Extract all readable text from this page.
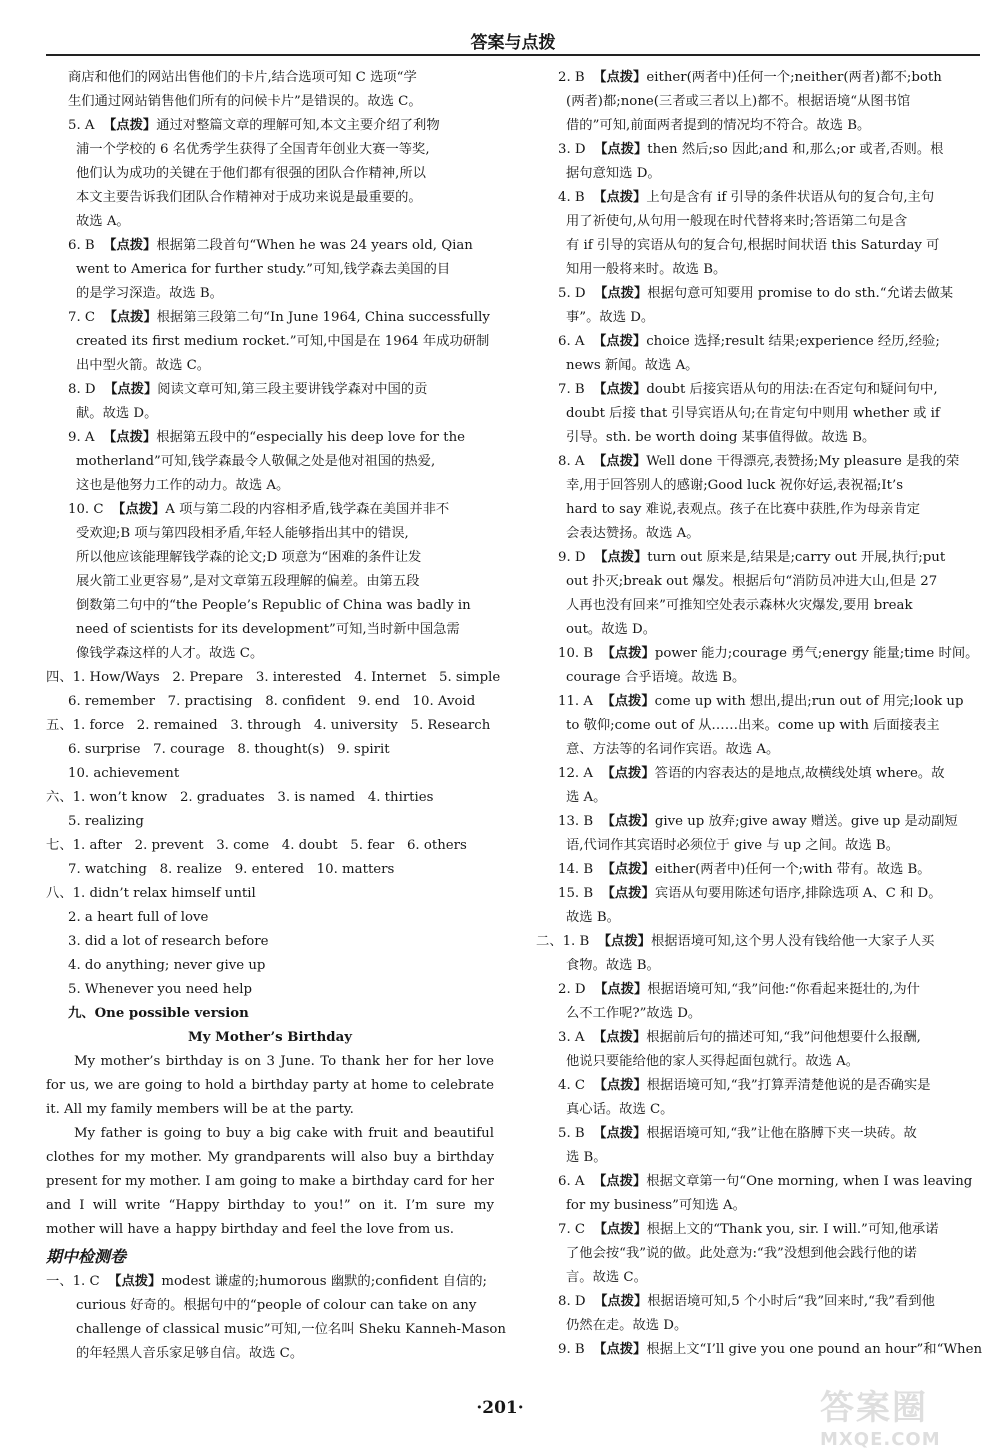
答案与点拨
商店和他们的网站出售他们的卡片,结合选项可知 C 选项“学
生们通过网站销售他们所有的问候卡片”是错误的。故选 C。
5. A 【点拨】通过对整篇文章的理解可知,本文主要介绍了利物
浦一个学校的 6 名优秀学生获得了全国青年创业大赛一等奖,
他们认为成功的关键在于他们都有很强的团队合作精神,所以
本文主要告诉我们团队合作精神对于成功来说是最重要的。
故选 A。
6. B 【点拨】根据第二段首句“When he was 24 years old, Qian
went to America for further study.”可知,钱学森去美国的目
的是学习深造。故选 B。
7. C 【点拨】根据第三段第二句“In June 1964, China successfully
created its first medium rocket.”可知,中国是在 1964 年成功研制
出中型火箭。故选 C。
8. D 【点拨】阅读文章可知,第三段主要讲钱学森对中国的贡
献。故选 D。
9. A 【点拨】根据第五段中的“especially his deep love for the
motherland”可知,钱学森最令人敬佩之处是他对祖国的热爱,
这也是他努力工作的动力。故选 A。
10. C 【点拨】A 项与第二段的内容相矛盾,钱学森在美国并非不
受欢迎;B 项与第四段相矛盾,年轻人能够指出其中的错误,
所以他应该能理解钱学森的论文;D 项意为“困难的条件让发
展火箭工业更容易”,是对文章第五段理解的偏差。由第五段
倒数第二句中的“the People’s Republic of China was badly in
need of scientists for its development”可知,当时新中国急需
像钱学森这样的人才。故选 C。
四、1. How/Ways   2. Prepare   3. interested   4. Internet   5. simple
6. remember   7. practising   8. confident   9. end   10. Avoid
五、1. force   2. remained   3. through   4. university   5. Research
6. surprise   7. courage   8. thought(s)   9. spirit
10. achievement
六、1. won’t know   2. graduates   3. is named   4. thirties
5. realizing
七、1. after   2. prevent   3. come   4. doubt   5. fear   6. others
7. watching   8. realize   9. entered   10. matters
八、1. didn’t relax himself until
2. a heart full of love
3. did a lot of research before
4. do anything; never give up
5. Whenever you need help
九、One possible version
My Mother’s Birthday

My mother’s birthday is on 3 June. To thank her for her love for us, we are going to hold a birthday party at home to celebrate it. All my family members will be at the party.

My father is going to buy a big cake with fruit and beautiful clothes for my mother. My grandparents will also buy a birthday present for my mother. I am going to make a birthday card for her and I will write “Happy birthday to you!” on it. I’m sure my mother will have a happy birthday and feel the love from us.

期中检测卷
一、1. C 【点拨】modest 谦虚的;humorous 幽默的;confident 自信的;
curious 好奇的。根据句中的“people of colour can take on any
challenge of classical music”可知,一位名叫 Sheku Kanneh-Mason
的年轻黑人音乐家足够自信。故选 C。
2. B 【点拨】either(两者中)任何一个;neither(两者)都不;both
(两者)都;none(三者或三者以上)都不。根据语境“从图书馆
借的”可知,前面两者提到的情况均不符合。故选 B。
3. D 【点拨】then 然后;so 因此;and 和,那么;or 或者,否则。根
据句意知选 D。
4. B 【点拨】上句是含有 if 引导的条件状语从句的复合句,主句
用了祈使句,从句用一般现在时代替将来时;答语第二句是含
有 if 引导的宾语从句的复合句,根据时间状语 this Saturday 可
知用一般将来时。故选 B。
5. D 【点拨】根据句意可知要用 promise to do sth.“允诺去做某
事”。故选 D。
6. A 【点拨】choice 选择;result 结果;experience 经历,经验;
news 新闻。故选 A。
7. B 【点拨】doubt 后接宾语从句的用法:在否定句和疑问句中,
doubt 后接 that 引导宾语从句;在肯定句中则用 whether 或 if
引导。sth. be worth doing 某事值得做。故选 B。
8. A 【点拨】Well done 干得漂亮,表赞扬;My pleasure 是我的荣
幸,用于回答别人的感谢;Good luck 祝你好运,表祝福;It’s
hard to say 难说,表观点。孩子在比赛中获胜,作为母亲肯定
会表达赞扬。故选 A。
9. D 【点拨】turn out 原来是,结果是;carry out 开展,执行;put
out 扑灭;break out 爆发。根据后句“消防员冲进大山,但是 27
人再也没有回来”可推知空处表示森林火灾爆发,要用 break
out。故选 D。
10. B 【点拨】power 能力;courage 勇气;energy 能量;time 时间。
courage 合乎语境。故选 B。
11. A 【点拨】come up with 想出,提出;run out of 用完;look up
to 敬仰;come out of 从……出来。come up with 后面接表主
意、方法等的名词作宾语。故选 A。
12. A 【点拨】答语的内容表达的是地点,故横线处填 where。故
选 A。
13. B 【点拨】give up 放弃;give away 赠送。give up 是动副短
语,代词作其宾语时必须位于 give 与 up 之间。故选 B。
14. B 【点拨】either(两者中)任何一个;with 带有。故选 B。
15. B 【点拨】宾语从句要用陈述句语序,排除选项 A、C 和 D。
故选 B。
二、1. B 【点拨】根据语境可知,这个男人没有钱给他一大家子人买
食物。故选 B。
2. D 【点拨】根据语境可知,“我”问他:“你看起来挺壮的,为什
么不工作呢?”故选 D。
3. A 【点拨】根据前后句的描述可知,“我”问他想要什么报酬,
他说只要能给他的家人买得起面包就行。故选 A。
4. C 【点拨】根据语境可知,“我”打算弄清楚他说的是否确实是
真心话。故选 C。
5. B 【点拨】根据语境可知,“我”让他在胳膊下夹一块砖。故
选 B。
6. A 【点拨】根据文章第一句“One morning, when I was leaving
for my business”可知选 A。
7. C 【点拨】根据上文的“Thank you, sir. I will.”可知,他承诺
了他会按“我”说的做。此处意为:“我”没想到他会践行他的诺
言。故选 C。
8. D 【点拨】根据语境可知,5 个小时后“我”回来时,“我”看到他
仍然在走。故选 D。
9. B 【点拨】根据上文“I’ll give you one pound an hour”和“When
·201·	答案圈
MXQE.COM
